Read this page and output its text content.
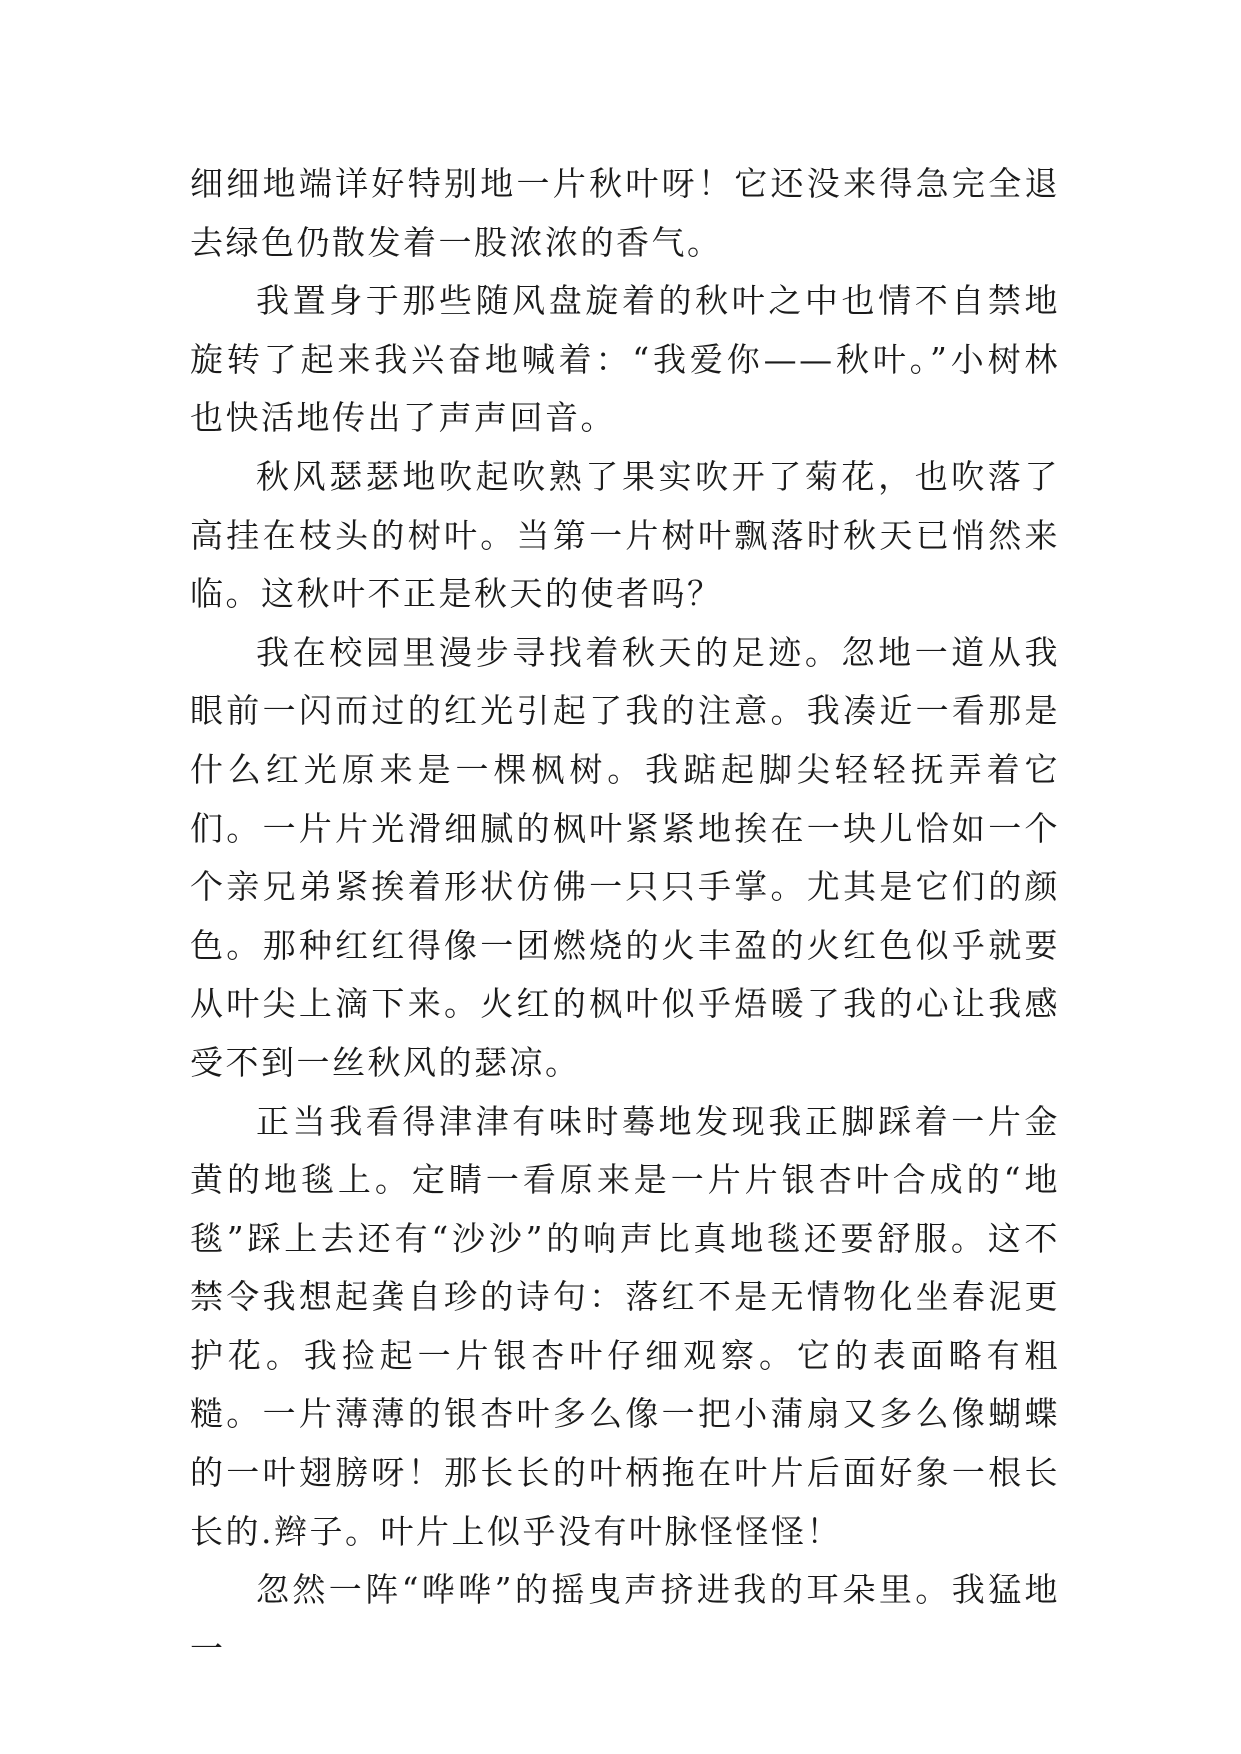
细细地端详好特别地一片秋叶呀！它还没来得急完全退去绿色仍散发着一股浓浓的香气。

我置身于那些随风盘旋着的秋叶之中也情不自禁地旋转了起来我兴奋地喊着：“我爱你——秋叶。”小树林也快活地传出了声声回音。

秋风瑟瑟地吹起吹熟了果实吹开了菊花，也吹落了高挂在枝头的树叶。当第一片树叶飘落时秋天已悄然来临。这秋叶不正是秋天的使者吗？

我在校园里漫步寻找着秋天的足迹。忽地一道从我眼前一闪而过的红光引起了我的注意。我凑近一看那是什么红光原来是一棵枫树。我踮起脚尖轻轻抚弄着它们。一片片光滑细腻的枫叶紧紧地挨在一块儿恰如一个个亲兄弟紧挨着形状仿佛一只只手掌。尤其是它们的颜色。那种红红得像一团燃烧的火丰盈的火红色似乎就要从叶尖上滴下来。火红的枫叶似乎焐暖了我的心让我感受不到一丝秋风的瑟凉。

正当我看得津津有味时蓦地发现我正脚踩着一片金黄的地毯上。定睛一看原来是一片片银杏叶合成的“地毯”踩上去还有“沙沙”的响声比真地毯还要舒服。这不禁令我想起龚自珍的诗句：落红不是无情物化坐春泥更护花。我捡起一片银杏叶仔细观察。它的表面略有粗糙。一片薄薄的银杏叶多么像一把小蒲扇又多么像蝴蝶的一叶翅膀呀！那长长的叶柄拖在叶片后面好象一根长长的.辫子。叶片上似乎没有叶脉怪怪怪！

忽然一阵“哗哗”的摇曳声挤进我的耳朵里。我猛地一
